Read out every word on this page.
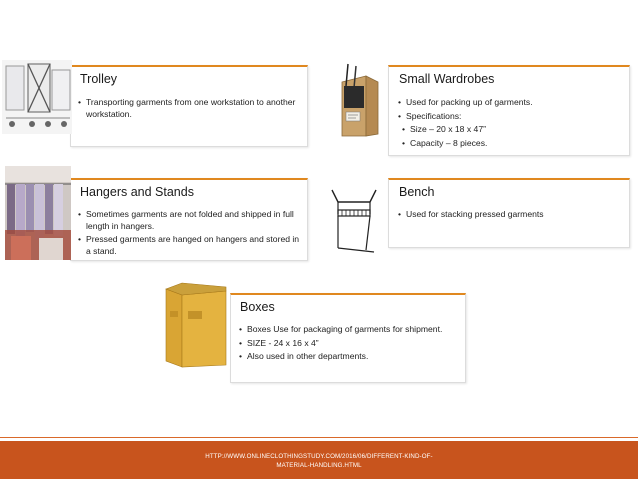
Trolley
• Transporting garments from one workstation to another workstation.
Small Wardrobes
• Used for packing up of garments.
• Specifications:
• Size – 20 x 18 x 47”
• Capacity – 8 pieces.
Hangers and Stands
• Sometimes garments are not folded and shipped in full length in hangers.
• Pressed garments are hanged on hangers and stored in a stand.
Bench
• Used for stacking pressed garments
Boxes
• Boxes Use for packaging of garments for shipment.
• SIZE - 24 x 16 x 4”
• Also used in other departments.
HTTP://WWW.ONLINECLOTHINGSTUDY.COM/2016/06/DIFFERENT-KIND-OF-MATERIAL-HANDLING.HTML
